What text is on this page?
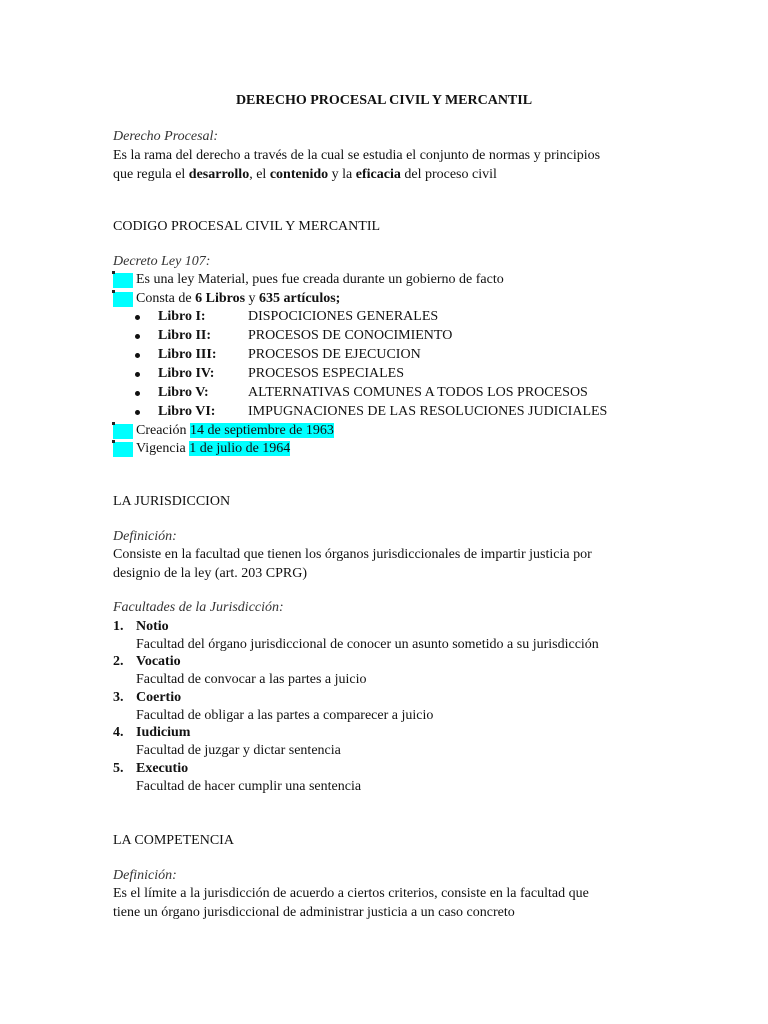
DERECHO PROCESAL CIVIL Y MERCANTIL
Derecho Procesal:
Es la rama del derecho a través de la cual se estudia el conjunto de normas y principios
que regula el desarrollo, el contenido y la eficacia del proceso civil
CODIGO PROCESAL CIVIL Y MERCANTIL
Decreto Ley 107:
Es una ley Material, pues fue creada durante un gobierno de facto
Consta de 6 Libros y 635 artículos;
Libro I:	DISPOCICIONES GENERALES
Libro II:	PROCESOS DE CONOCIMIENTO
Libro III: PROCESOS DE EJECUCION
Libro IV: PROCESOS ESPECIALES
Libro V:	ALTERNATIVAS COMUNES A TODOS LOS PROCESOS
Libro VI: IMPUGNACIONES DE LAS RESOLUCIONES JUDICIALES
Creación 14 de septiembre de 1963
Vigencia 1 de julio de 1964
LA JURISDICCION
Definición:
Consiste en la facultad que tienen los órganos jurisdiccionales de impartir justicia por
designio de la ley (art. 203 CPRG)
Facultades de la Jurisdicción:
1. Notio
Facultad del órgano jurisdiccional de conocer un asunto sometido a su jurisdicción
2. Vocatio
Facultad de convocar a las partes a juicio
3. Coertio
Facultad de obligar a las partes a comparecer a juicio
4. Iudicium
Facultad de juzgar y dictar sentencia
5. Executio
Facultad de hacer cumplir una sentencia
LA COMPETENCIA
Definición:
Es el límite a la jurisdicción de acuerdo a ciertos criterios, consiste en la facultad que
tiene un órgano jurisdiccional de administrar justicia a un caso concreto
